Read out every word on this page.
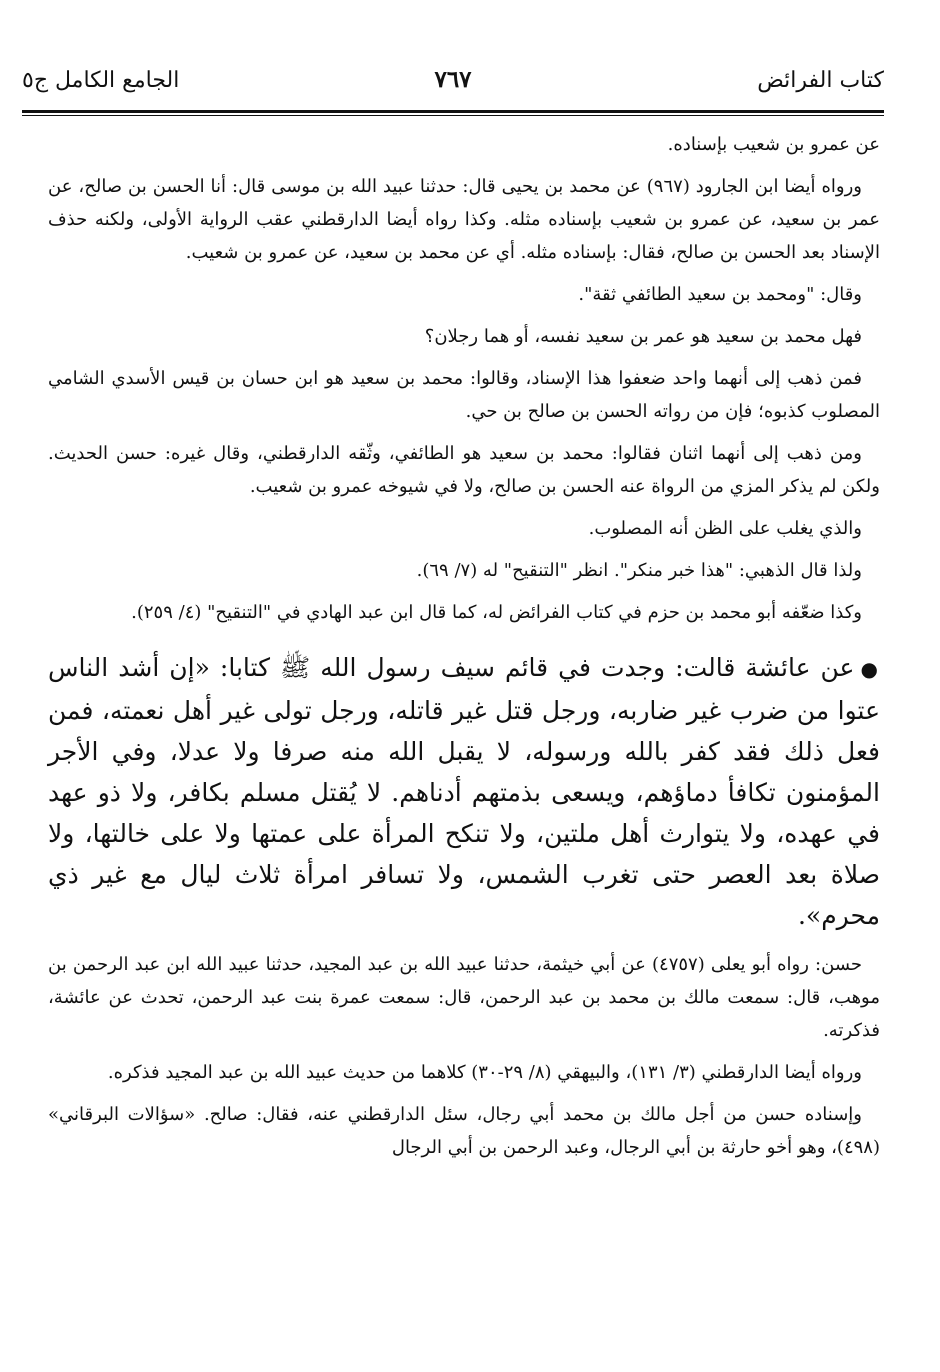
كتاب الفرائض
٧٦٧
الجامع الكامل ج٥

عن عمرو بن شعيب بإسناده.

ورواه أيضا ابن الجارود (٩٦٧) عن محمد بن يحيى قال: حدثنا عبيد الله بن موسى قال: أنا الحسن بن صالح، عن عمر بن سعيد، عن عمرو بن شعيب بإسناده مثله. وكذا رواه أيضا الدارقطني عقب الرواية الأولى، ولكنه حذف الإسناد بعد الحسن بن صالح، فقال: بإسناده مثله. أي عن محمد بن سعيد، عن عمرو بن شعيب.

وقال: "ومحمد بن سعيد الطائفي ثقة".

فهل محمد بن سعيد هو عمر بن سعيد نفسه، أو هما رجلان؟

فمن ذهب إلى أنهما واحد ضعفوا هذا الإسناد، وقالوا: محمد بن سعيد هو ابن حسان بن قيس الأسدي الشامي المصلوب كذبوه؛ فإن من رواته الحسن بن صالح بن حي.

ومن ذهب إلى أنهما اثنان فقالوا: محمد بن سعيد هو الطائفي، وثّقه الدارقطني، وقال غيره: حسن الحديث. ولكن لم يذكر المزي من الرواة عنه الحسن بن صالح، ولا في شيوخه عمرو بن شعيب.

والذي يغلب على الظن أنه المصلوب.

ولذا قال الذهبي: "هذا خبر منكر". انظر "التنقيح" له (٧/ ٦٩).

وكذا ضعّفه أبو محمد بن حزم في كتاب الفرائض له، كما قال ابن عبد الهادي في "التنقيح" (٤/ ٢٥٩).

●عن عائشة قالت: وجدت في قائم سيف رسول الله ﷺ كتابا: «إن أشد الناس عتوا من ضرب غير ضاربه، ورجل قتل غير قاتله، ورجل تولى غير أهل نعمته، فمن فعل ذلك فقد كفر بالله ورسوله، لا يقبل الله منه صرفا ولا عدلا، وفي الأجر المؤمنون تكافأ دماؤهم، ويسعى بذمتهم أدناهم. لا يُقتل مسلم بكافر، ولا ذو عهد في عهده، ولا يتوارث أهل ملتين، ولا تنكح المرأة على عمتها ولا على خالتها، ولا صلاة بعد العصر حتى تغرب الشمس، ولا تسافر امرأة ثلاث ليال مع غير ذي محرم».

حسن: رواه أبو يعلى (٤٧٥٧) عن أبي خيثمة، حدثنا عبيد الله بن عبد المجيد، حدثنا عبيد الله ابن عبد الرحمن بن موهب، قال: سمعت مالك بن محمد بن عبد الرحمن، قال: سمعت عمرة بنت عبد الرحمن، تحدث عن عائشة، فذكرته.

ورواه أيضا الدارقطني (٣/ ١٣١)، والبيهقي (٨/ ٢٩-٣٠) كلاهما من حديث عبيد الله بن عبد المجيد فذكره.

وإسناده حسن من أجل مالك بن محمد أبي رجال، سئل الدارقطني عنه، فقال: صالح. «سؤالات البرقاني» (٤٩٨)، وهو أخو حارثة بن أبي الرجال، وعبد الرحمن بن أبي الرجال
